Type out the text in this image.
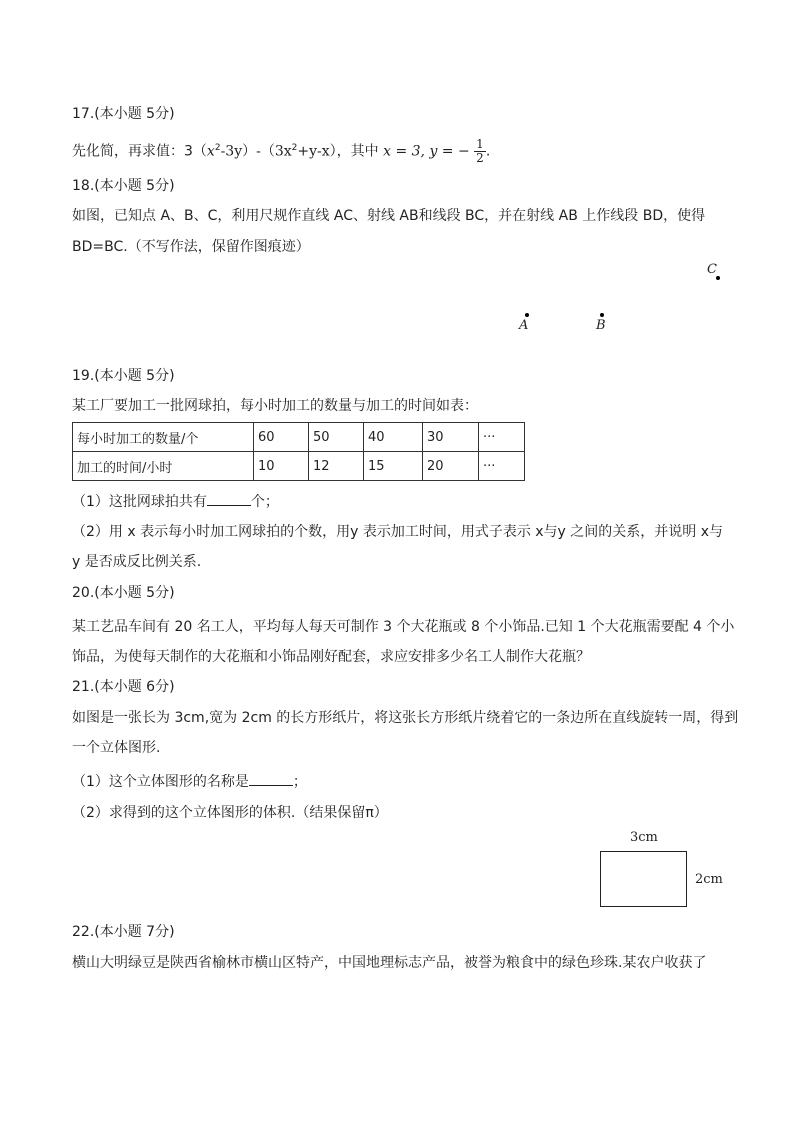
17.(本小题 5分)
先化简，再求值：$3(x^2-3y)-(3x^2+y-x)$，其中 x = 3, y = − $\frac{1}{2}$ .
18.(本小题 5分)
如图，已知点 A、B、C，利用尺规作直线 AC、射线 AB和线段 BC，并在射线 AB 上作线段 BD，使得
BD=BC.（不写作法，保留作图痕迹）
C
A	B
19.(本小题 5分)
某工厂要加工一批网球拍，每小时加工的数量与加工的时间如表：
每小时加工的数量/个	60	50	40	30	···
加工的时间/小时	10	12	15	20	···
（1）这批网球拍共有	个；
（2）用 x 表示每小时加工网球拍的个数，用y 表示加工时间，用式子表示 x与y 之间的关系，并说明 x与
y 是否成反比例关系.
20.(本小题 5分)
某工艺品车间有 20 名工人，平均每人每天可制作 3 个大花瓶或 8 个小饰品.已知 1 个大花瓶需要配 4 个小
饰品，为使每天制作的大花瓶和小饰品刚好配套，求应安排多少名工人制作大花瓶？
21.(本小题 6分)
如图是一张长为 3cm,宽为 2cm 的长方形纸片，将这张长方形纸片绕着它的一条边所在直线旋转一周，得到
一个立体图形.
（1）这个立体图形的名称是	；
（2）求得到的这个立体图形的体积.（结果保留π）
3cm
2cm
22.(本小题 7分)
横山大明绿豆是陕西省榆林市横山区特产，中国地理标志产品，被誉为粮食中的绿色珍珠.某农户收获了
